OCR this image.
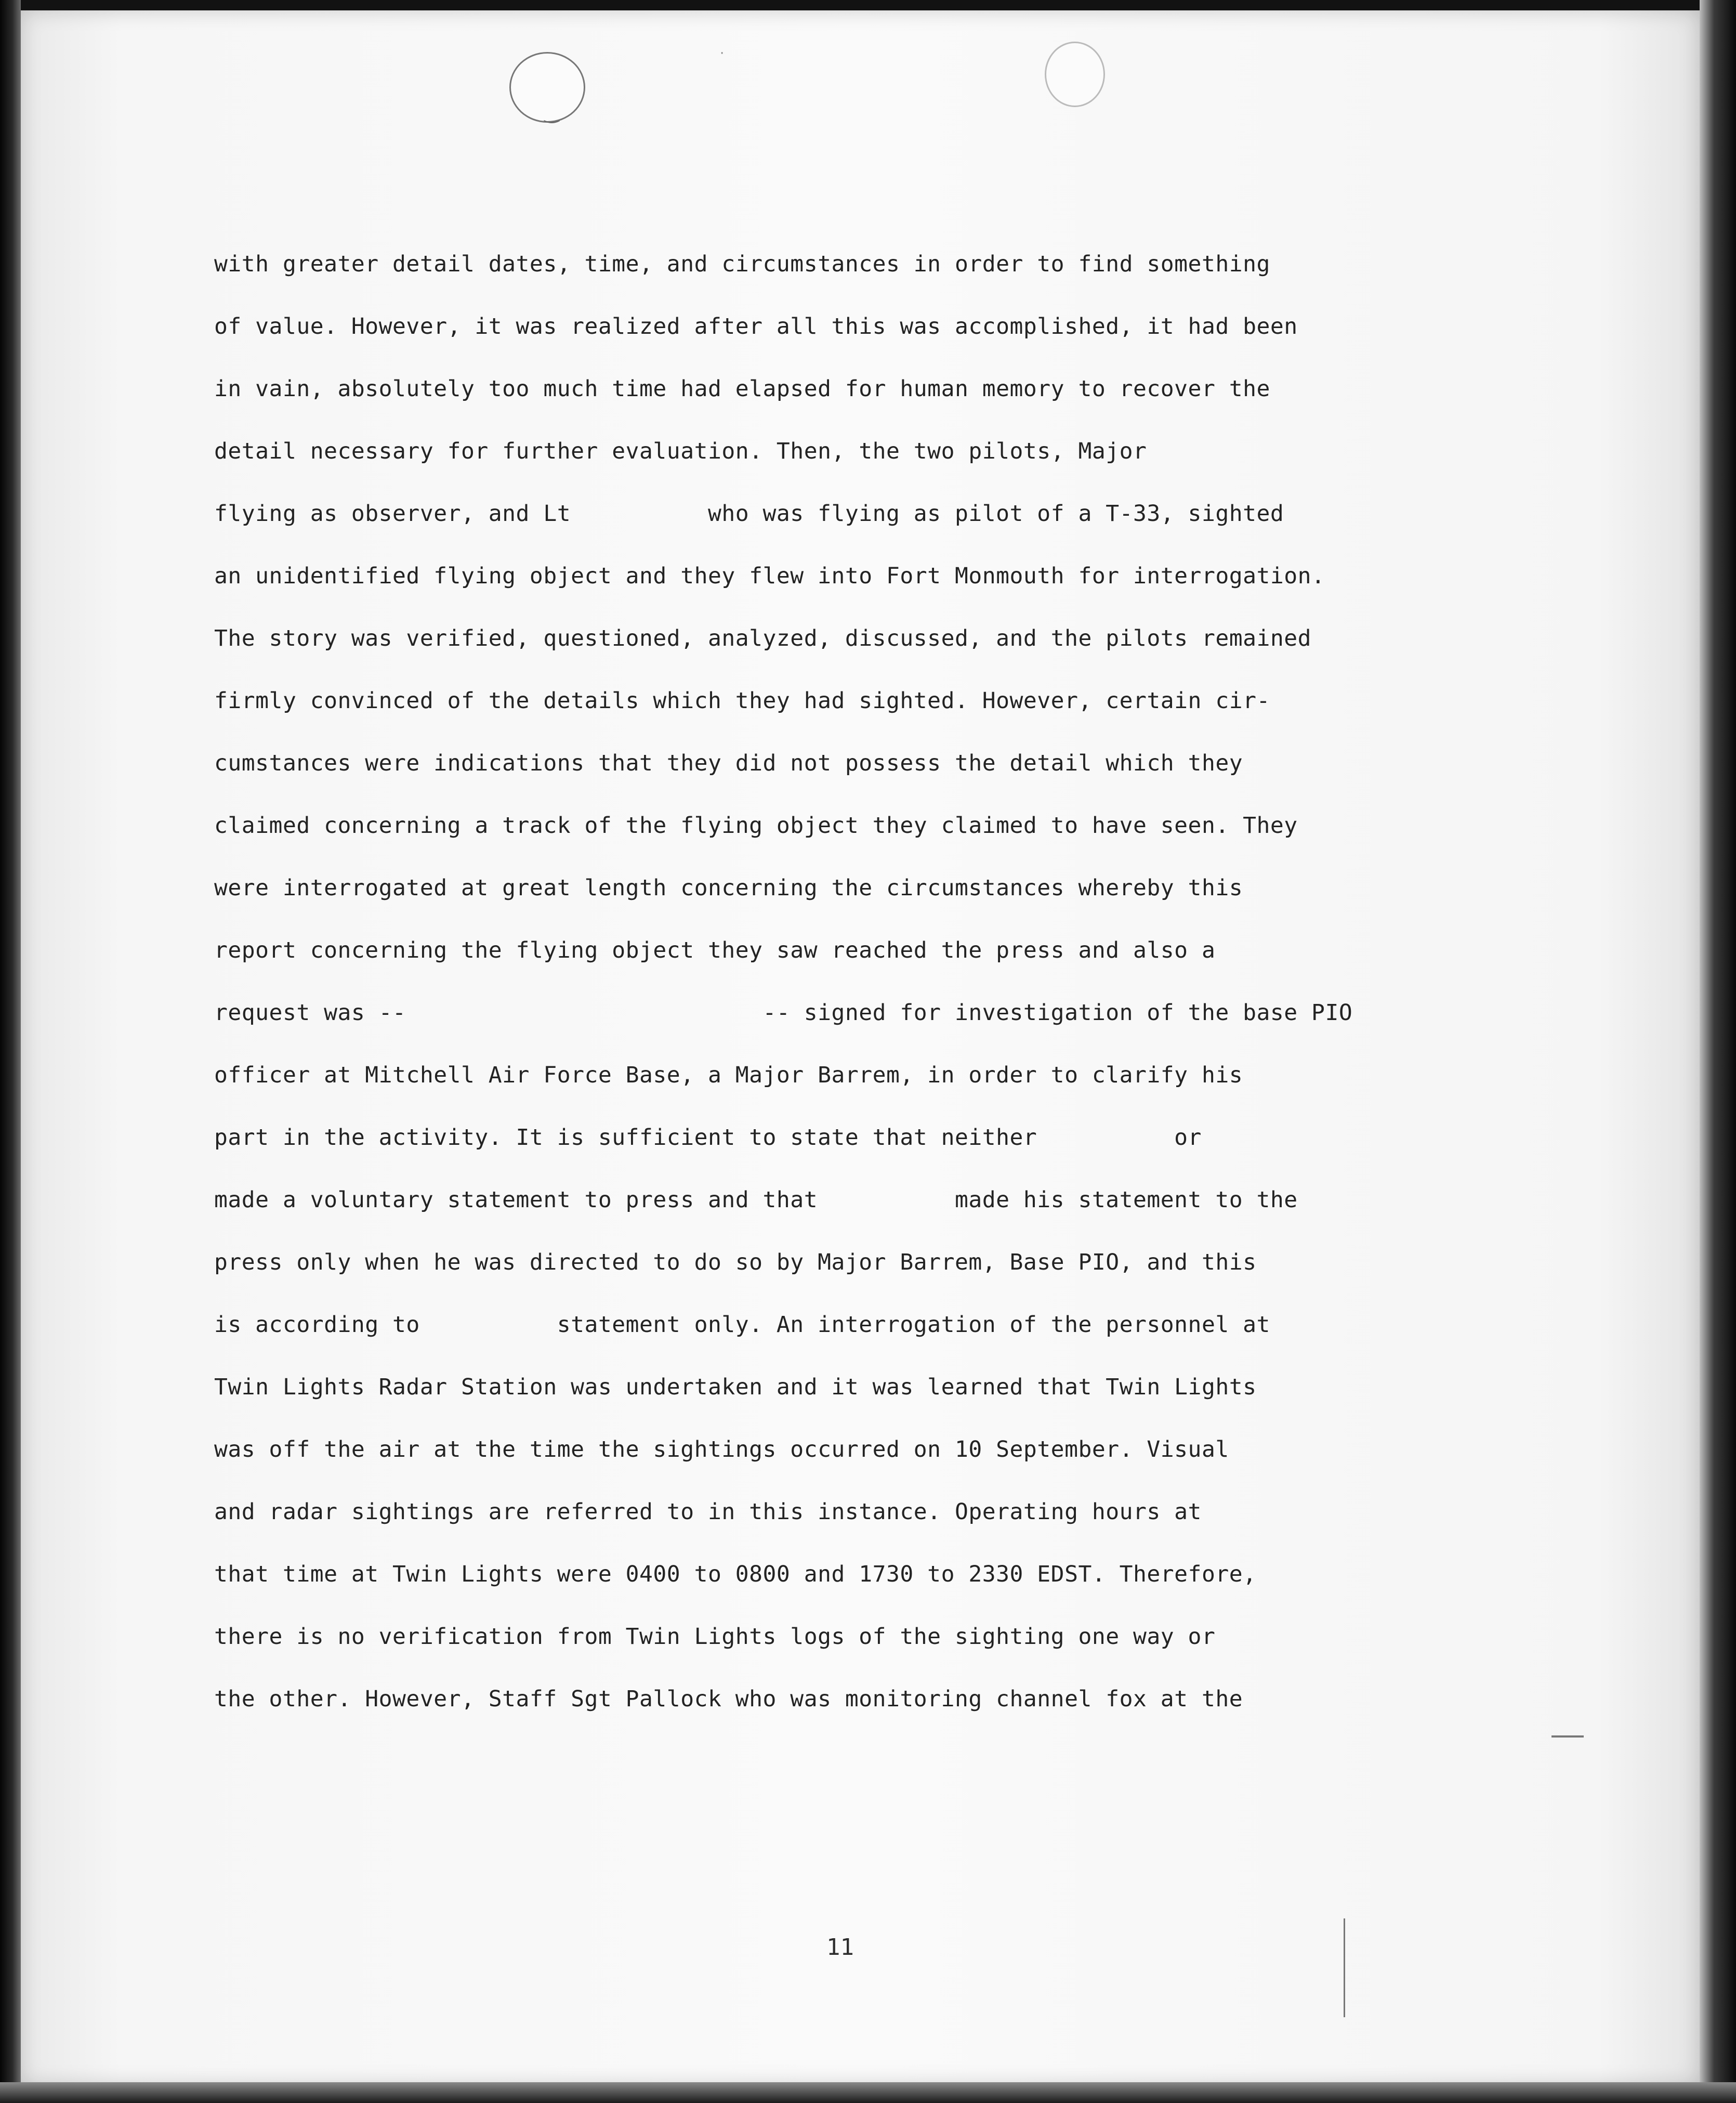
‿
·
with greater detail dates, time, and circumstances in order to find something
of value. However, it was realized after all this was accomplished, it had been
in vain, absolutely too much time had elapsed for human memory to recover the
detail necessary for further evaluation. Then, the two pilots, Major
flying as observer, and Lt          who was flying as pilot of a T-33, sighted
an unidentified flying object and they flew into Fort Monmouth for interrogation.
The story was verified, questioned, analyzed, discussed, and the pilots remained
firmly convinced of the details which they had sighted. However, certain cir-
cumstances were indications that they did not possess the detail which they
claimed concerning a track of the flying object they claimed to have seen. They
were interrogated at great length concerning the circumstances whereby this
report concerning the flying object they saw reached the press and also a
request was --                          -- signed for investigation of the base PIO
officer at Mitchell Air Force Base, a Major Barrem, in order to clarify his
part in the activity. It is sufficient to state that neither          or
made a voluntary statement to press and that          made his statement to the
press only when he was directed to do so by Major Barrem, Base PIO, and this
is according to          statement only. An interrogation of the personnel at
Twin Lights Radar Station was undertaken and it was learned that Twin Lights
was off the air at the time the sightings occurred on 10 September. Visual
and radar sightings are referred to in this instance. Operating hours at
that time at Twin Lights were 0400 to 0800 and 1730 to 2330 EDST. Therefore,
there is no verification from Twin Lights logs of the sighting one way or
the other. However, Staff Sgt Pallock who was monitoring channel fox at the
11
